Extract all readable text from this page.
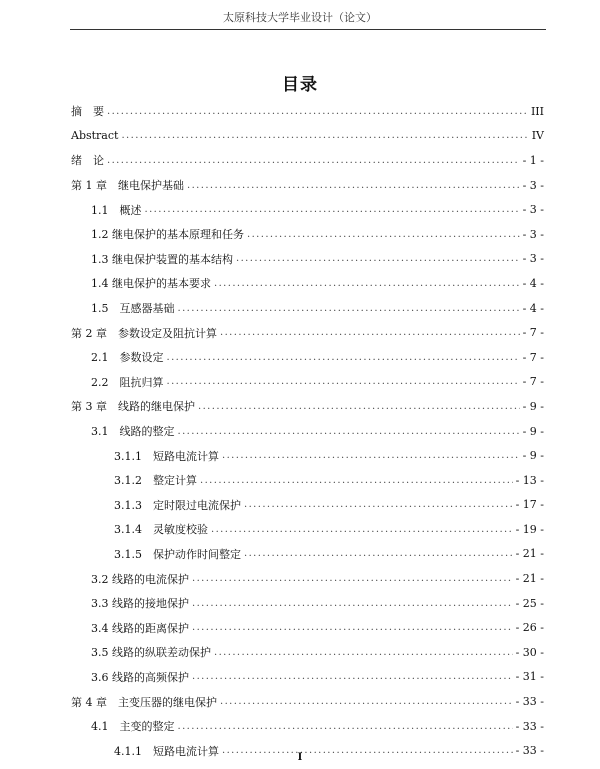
太原科技大学毕业设计（论文）
目录
摘　要 .....	III
Abstract .....	IV
绪　论 .....	- 1 -
第 1 章　继电保护基础 .....	- 3 -
1.1　概述 .....	- 3 -
1.2 继电保护的基本原理和任务 .....	- 3 -
1.3 继电保护装置的基本结构 .....	- 3 -
1.4 继电保护的基本要求 .....	- 4 -
1.5　互感器基础 .....	- 4 -
第 2 章　参数设定及阻抗计算 .....	- 7 -
2.1　参数设定 .....	- 7 -
2.2　阻抗归算 .....	- 7 -
第 3 章　线路的继电保护 .....	- 9 -
3.1　线路的整定 .....	- 9 -
3.1.1　短路电流计算 .....	- 9 -
3.1.2　整定计算 .....	- 13 -
3.1.3　定时限过电流保护 .....	- 17 -
3.1.4　灵敏度校验 .....	- 19 -
3.1.5　保护动作时间整定 .....	- 21 -
3.2 线路的电流保护 .....	- 21 -
3.3 线路的接地保护 .....	- 25 -
3.4 线路的距离保护 .....	- 26 -
3.5 线路的纵联差动保护 .....	- 30 -
3.6 线路的高频保护 .....	- 31 -
第 4 章　主变压器的继电保护 .....	- 33 -
4.1　主变的整定 .....	- 33 -
4.1.1　短路电流计算 .....	- 33 -
I
